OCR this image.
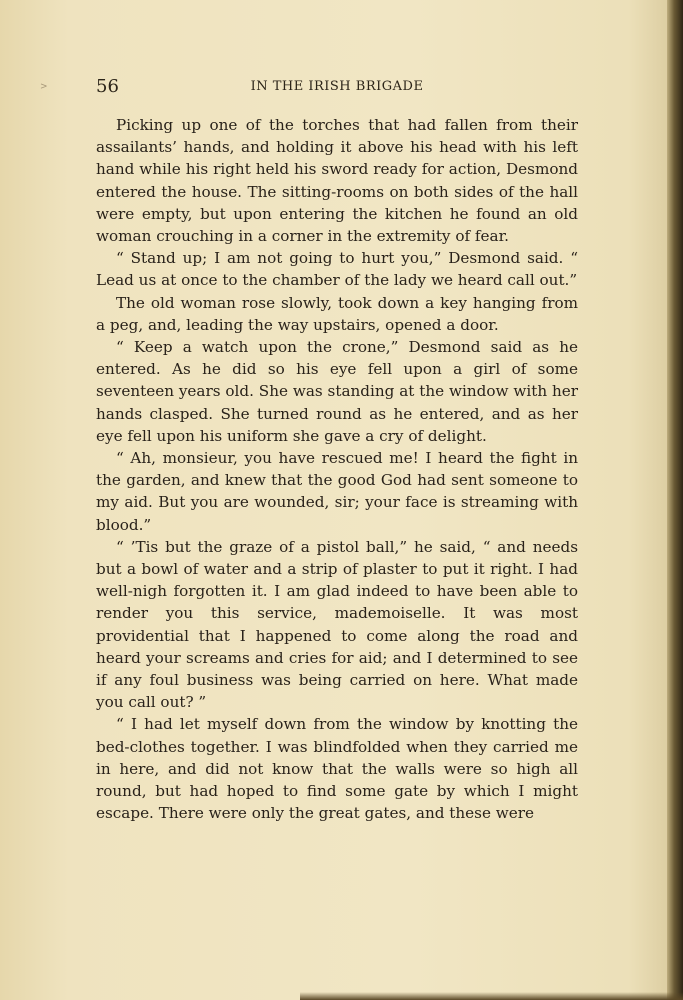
>	56	IN THE IRISH BRIGADE

Picking up one of the torches that had fallen from their assailants’ hands, and holding it above his head with his left hand while his right held his sword ready for action, Desmond entered the house. The sitting-rooms on both sides of the hall were empty, but upon entering the kitchen he found an old woman crouching in a corner in the extremity of fear.

“ Stand up; I am not going to hurt you,” Desmond said. “ Lead us at once to the chamber of the lady we heard call out.”

The old woman rose slowly, took down a key hanging from a peg, and, leading the way upstairs, opened a door.

“ Keep a watch upon the crone,” Desmond said as he entered. As he did so his eye fell upon a girl of some seventeen years old. She was standing at the window with her hands clasped. She turned round as he entered, and as her eye fell upon his uniform she gave a cry of delight.

“ Ah, monsieur, you have rescued me! I heard the fight in the garden, and knew that the good God had sent someone to my aid. But you are wounded, sir; your face is streaming with blood.”

“ ’Tis but the graze of a pistol ball,” he said, “ and needs but a bowl of water and a strip of plaster to put it right. I had well-nigh forgotten it. I am glad indeed to have been able to render you this service, mademoiselle. It was most providential that I happened to come along the road and heard your screams and cries for aid; and I determined to see if any foul business was being carried on here. What made you call out? ”

“ I had let myself down from the window by knotting the bed-clothes together. I was blindfolded when they carried me in here, and did not know that the walls were so high all round, but had hoped to find some gate by which I might escape. There were only the great gates, and these were
